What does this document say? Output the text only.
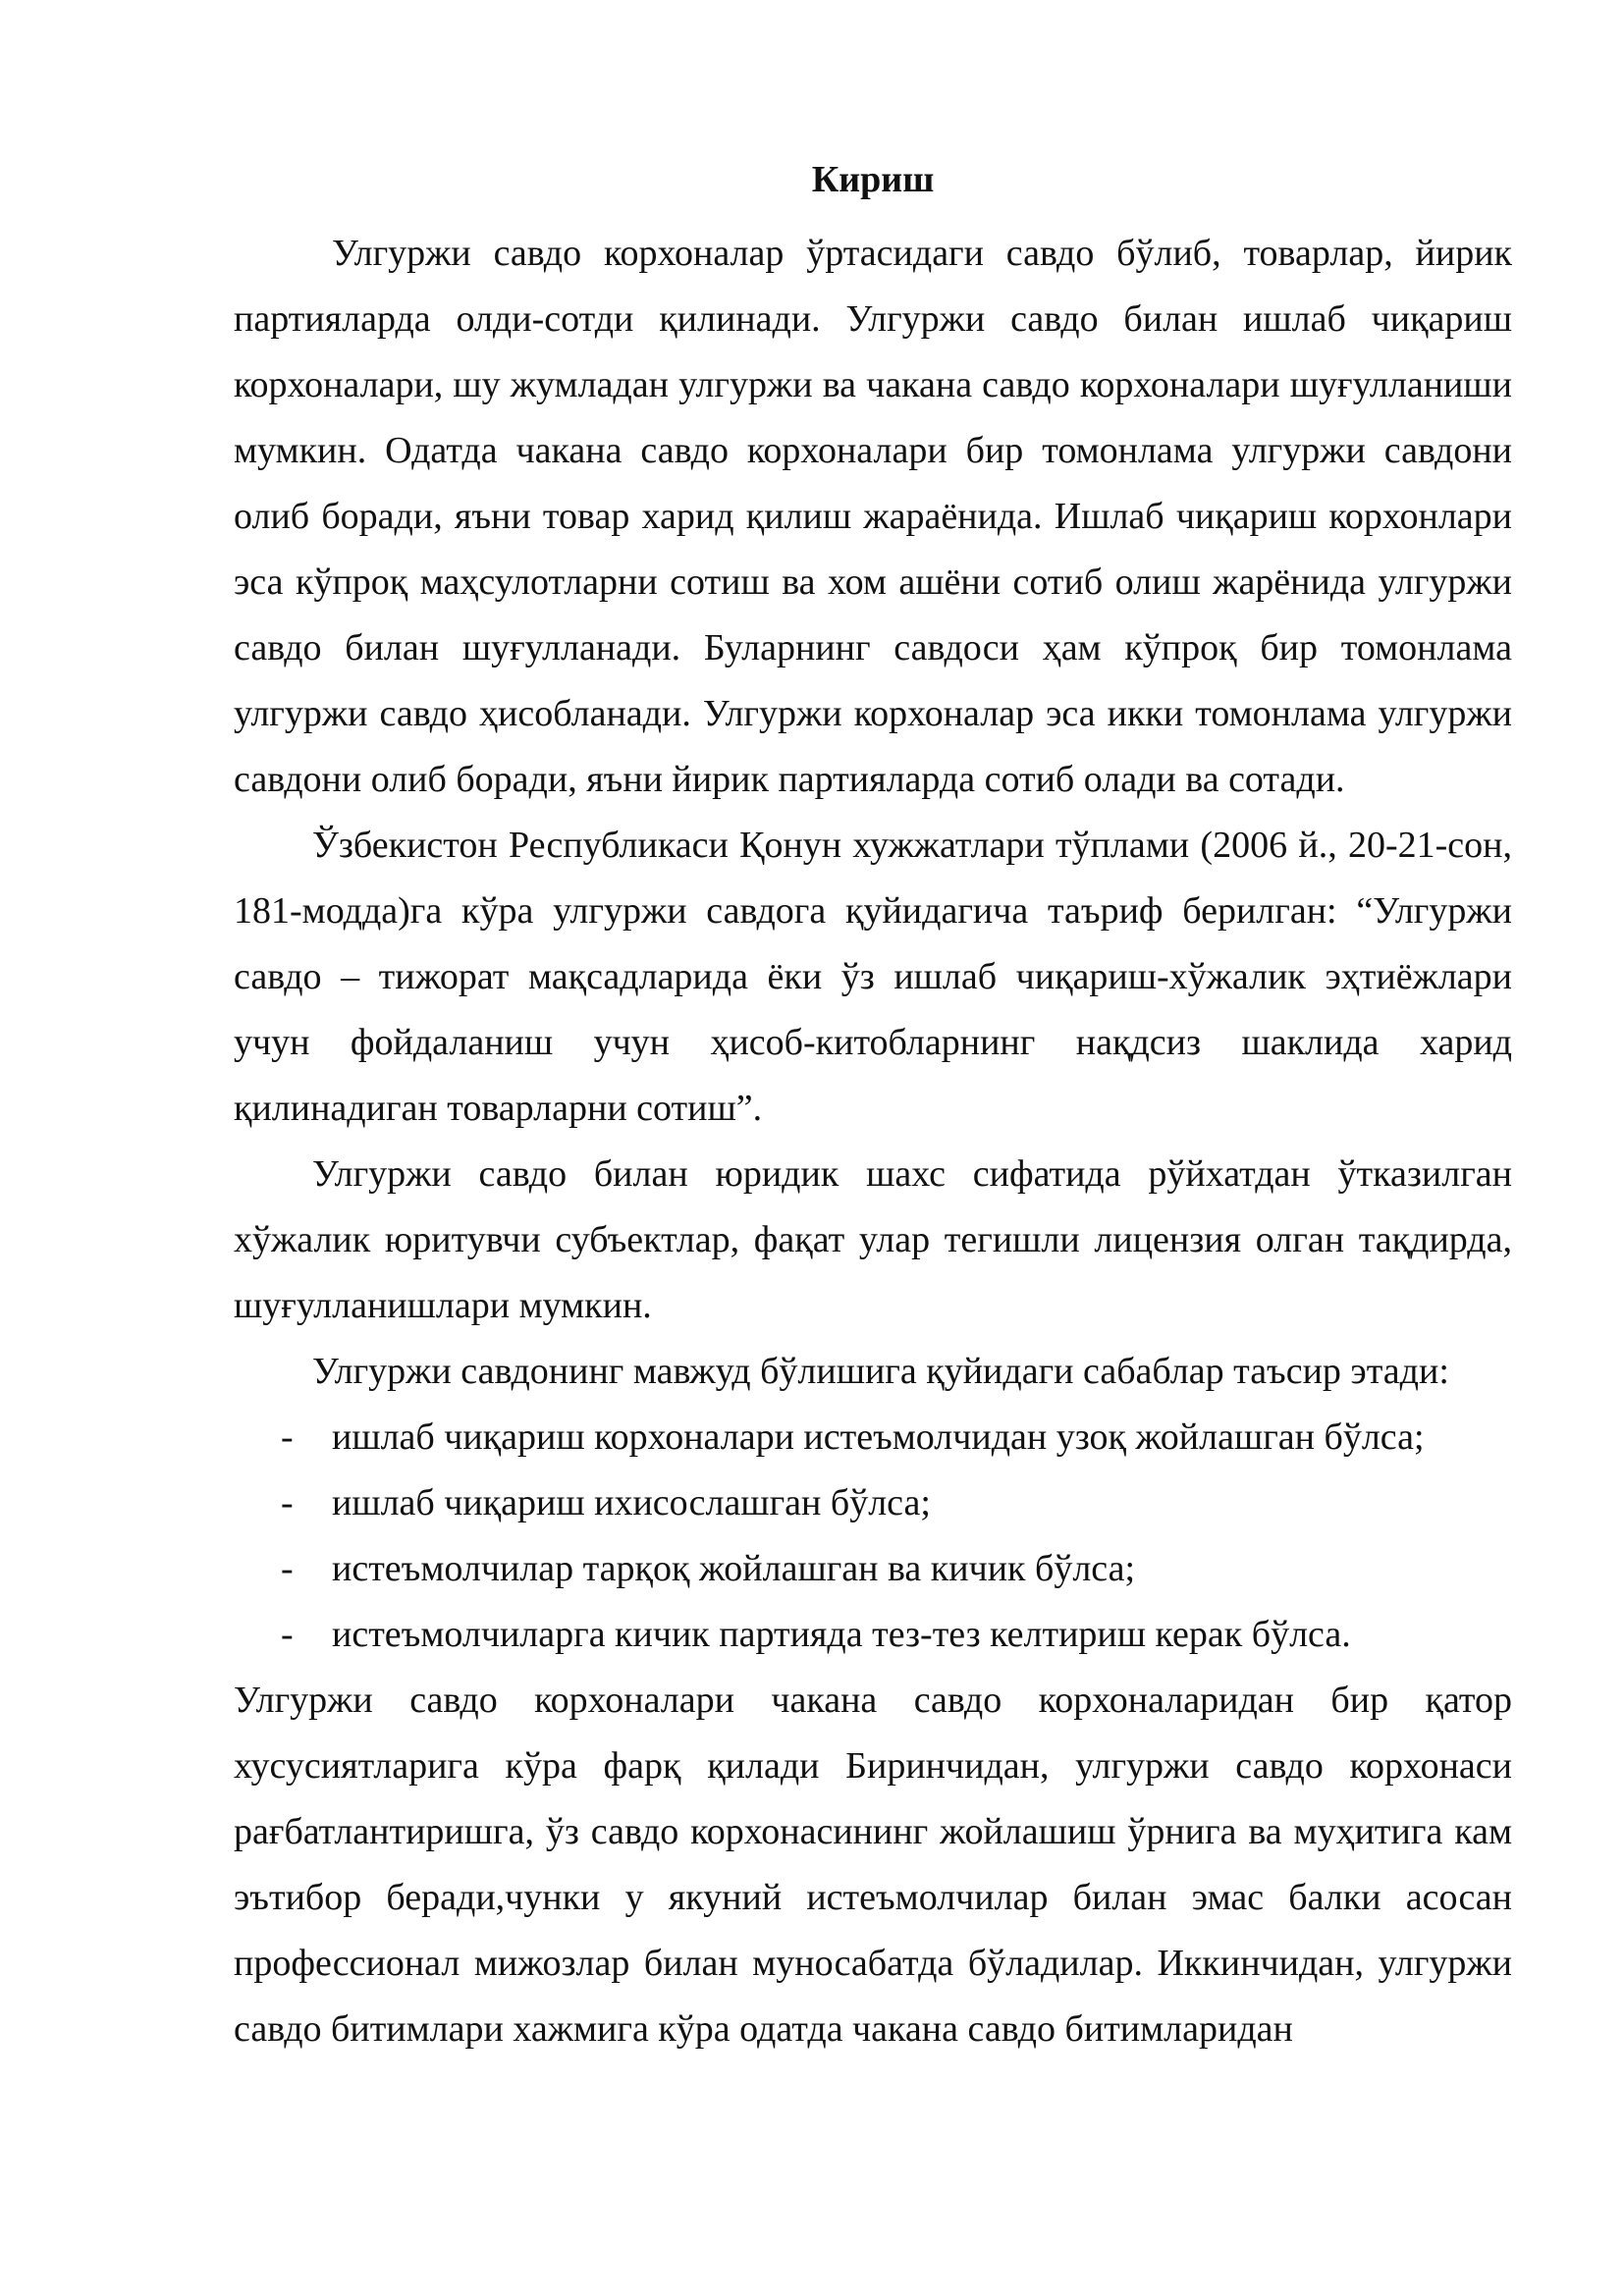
Кириш

Улгуржи савдо корхоналар ўртасидаги савдо бўлиб, товарлар, йирик партияларда олди-сотди қилинади. Улгуржи савдо билан ишлаб чиқариш корхоналари, шу жумладан улгуржи ва чакана савдо корхоналари шуғулланиши мумкин. Одатда чакана савдо корхоналари бир томонлама улгуржи савдони олиб боради, яъни товар харид қилиш жараёнида. Ишлаб чиқариш корхонлари эса кўпроқ маҳсулотларни сотиш ва хом ашёни сотиб олиш жарёнида улгуржи савдо билан шуғулланади. Буларнинг савдоси ҳам кўпроқ бир томонлама улгуржи савдо ҳисобланади. Улгуржи корхоналар эса икки томонлама улгуржи савдони олиб боради, яъни йирик партияларда сотиб олади ва сотади.

Ўзбекистон Республикаси Қонун хужжатлари тўплами (2006 й., 20-21-сон, 181-модда)га кўра улгуржи савдога қуйидагича таъриф берилган: “Улгуржи савдо – тижорат мақсадларида ёки ўз ишлаб чиқариш-хўжалик эҳтиёжлари учун фойдаланиш учун ҳисоб-китобларнинг нақдсиз шаклида харид қилинадиган товарларни сотиш”.

Улгуржи савдо билан юридик шахс сифатида рўйхатдан ўтказилган хўжалик юритувчи субъектлар, фақат улар тегишли лицензия олган тақдирда, шуғулланишлари мумкин.

Улгуржи савдонинг мавжуд бўлишига қуйидаги сабаблар таъсир этади:

- ишлаб чиқариш корхоналари истеъмолчидан узоқ жойлашган бўлса;
- ишлаб чиқариш ихисослашган бўлса;
- истеъмолчилар тарқоқ жойлашган ва кичик бўлса;
- истеъмолчиларга кичик партияда тез-тез келтириш керак бўлса.

Улгуржи савдо корхоналари чакана савдо корхоналаридан бир қатор хусусиятларига кўра фарқ қилади Биринчидан, улгуржи савдо корхонаси рағбатлантиришга, ўз савдо корхонасининг жойлашиш ўрнига ва муҳитига кам эътибор беради,чунки у якуний истеъмолчилар билан эмас балки асосан профессионал мижозлар билан муносабатда бўладилар. Иккинчидан, улгуржи савдо битимлари хажмига кўра одатда чакана савдо битимларидан
